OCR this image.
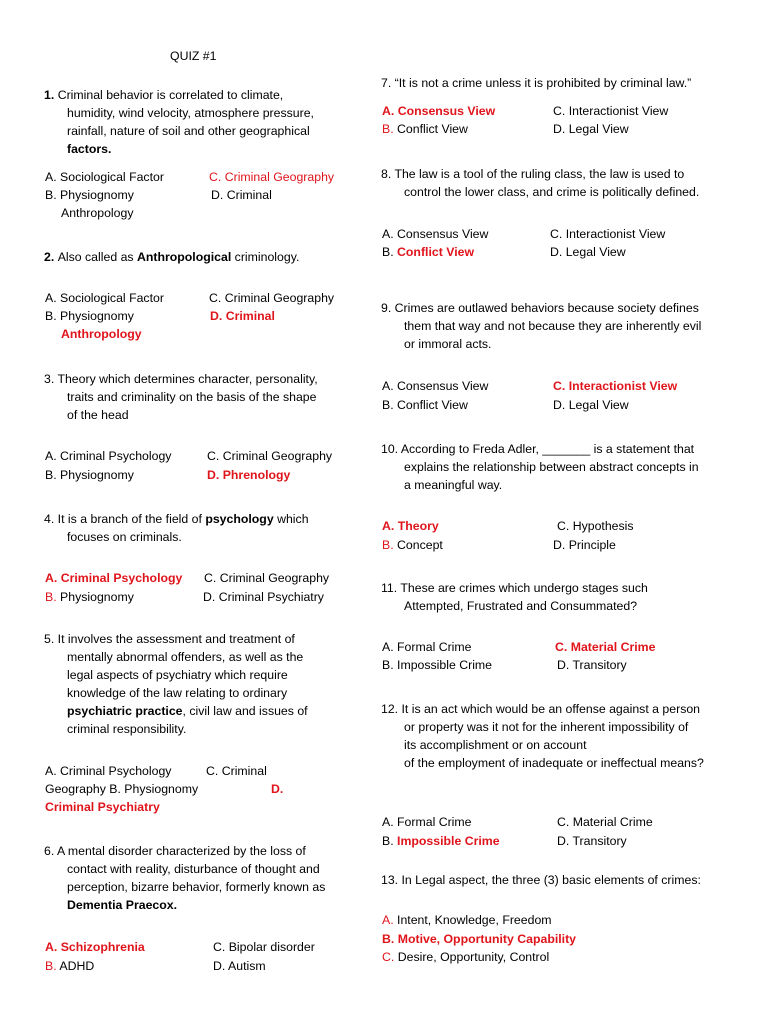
QUIZ #1
1. Criminal behavior is correlated to climate,
humidity, wind velocity, atmosphere pressure,
rainfall, nature of soil and other geographical
factors.
A. Sociological Factor	C. Criminal Geography
B. Physiognomy	D. Criminal
Anthropology
2. Also called as Anthropological criminology.
A. Sociological Factor	C. Criminal Geography
B. Physiognomy	D. Criminal
Anthropology
3. Theory which determines character, personality,
traits and criminality on the basis of the shape
of the head
A. Criminal Psychology	C. Criminal Geography
B. Physiognomy	D. Phrenology
4. It is a branch of the field of psychology which
focuses on criminals.
A. Criminal Psychology C. Criminal Geography
B. Physiognomy	D. Criminal Psychiatry
5. It involves the assessment and treatment of
mentally abnormal offenders, as well as the
legal aspects of psychiatry which require
knowledge of the law relating to ordinary
psychiatric practice, civil law and issues of
criminal responsibility.
A. Criminal Psychology	C. Criminal
Geography B. Physiognomy	D.
Criminal Psychiatry
6. A mental disorder characterized by the loss of
contact with reality, disturbance of thought and
perception, bizarre behavior, formerly known as
Dementia Praecox.
A. Schizophrenia	C. Bipolar disorder
B. ADHD	D. Autism
7. “It is not a crime unless it is prohibited by criminal law.”
A. Consensus View	C. Interactionist View
B. Conflict View	D. Legal View
8. The law is a tool of the ruling class, the law is used to
control the lower class, and crime is politically defined.
A. Consensus View	C. Interactionist View
B. Conflict View	D. Legal View
9. Crimes are outlawed behaviors because society defines
them that way and not because they are inherently evil
or immoral acts.
A. Consensus View	C. Interactionist View
B. Conflict View	D. Legal View
10. According to Freda Adler, _______ is a statement that
explains the relationship between abstract concepts in
a meaningful way.
A. Theory	C. Hypothesis
B. Concept	D. Principle
11. These are crimes which undergo stages such
Attempted, Frustrated and Consummated?
A. Formal Crime	C. Material Crime
B. Impossible Crime	D. Transitory
12. It is an act which would be an offense against a person
or property was it not for the inherent impossibility of
its accomplishment or on account
of the employment of inadequate or ineffectual means?
A. Formal Crime	C. Material Crime
B. Impossible Crime	D. Transitory
13. In Legal aspect, the three (3) basic elements of crimes:
A. Intent, Knowledge, Freedom
B. Motive, Opportunity Capability
C. Desire, Opportunity, Control
